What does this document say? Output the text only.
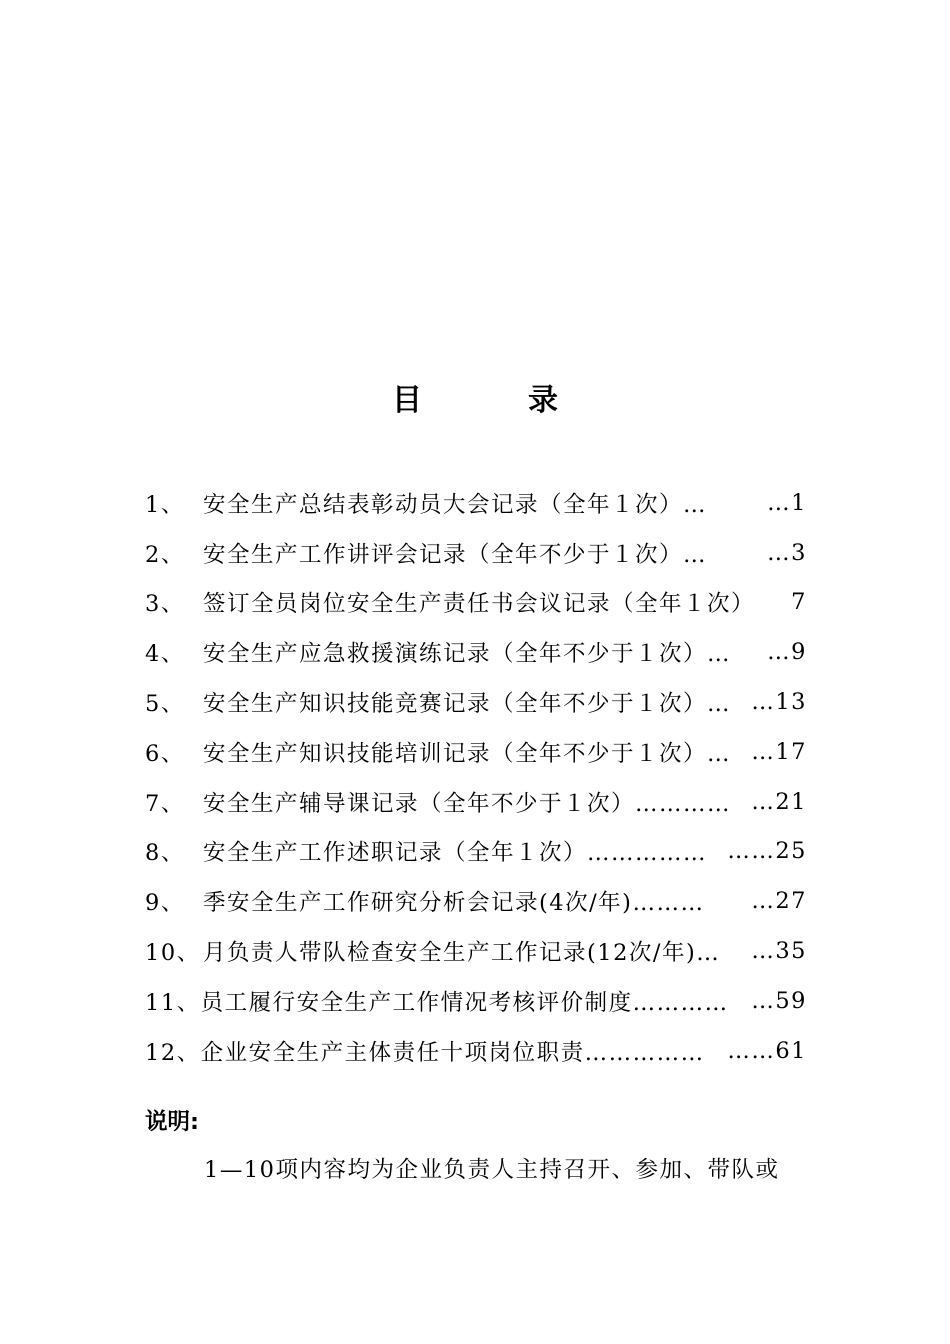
目　录
1、 安全生产总结表彰动员大会记录（全年１次）…	…1
2、 安全生产工作讲评会记录（全年不少于１次）…	…3
3、 签订全员岗位安全生产责任书会议记录（全年１次） 7
4、 安全生产应急救援演练记录（全年不少于１次）… …9
5、 安全生产知识技能竞赛记录（全年不少于１次）… …13
6、 安全生产知识技能培训记录（全年不少于１次）… …17
7、 安全生产辅导课记录（全年不少于１次）………… …21
8、 安全生产工作述职记录（全年１次）…………… ……25
9、 季安全生产工作研究分析会记录(4次/年)……… …27
10、 月负责人带队检查安全生产工作记录(12次/年)… …35
11、 员工履行安全生产工作情况考核评价制度………… …59
12、 企业安全生产主体责任十项岗位职责…………… ……61
说明:
1—10项内容均为企业负责人主持召开、参加、带队或
